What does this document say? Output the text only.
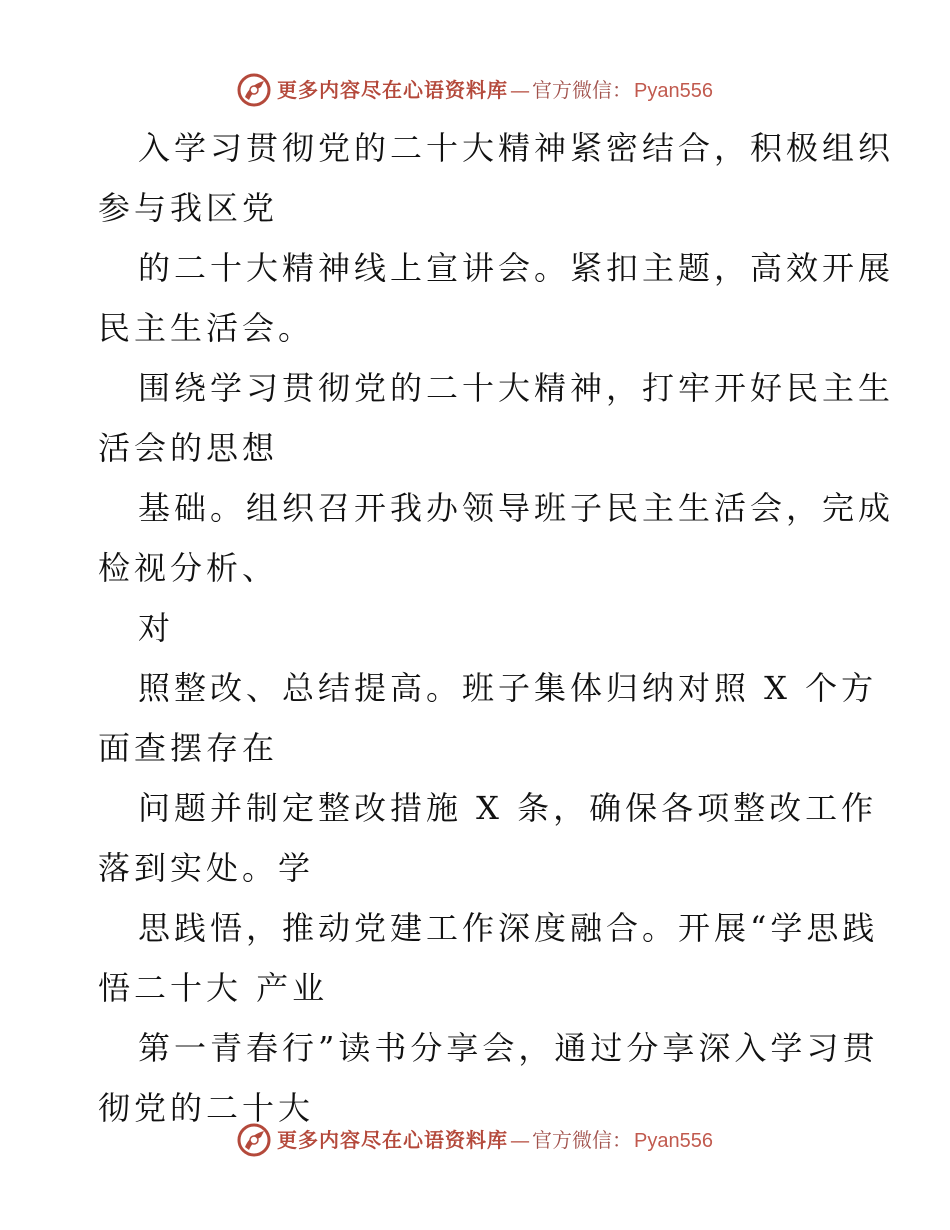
更多内容尽在心语资料库 — 官方微信： Pyan556
入学习贯彻党的二十大精神紧密结合，积极组织
参与我区党
的二十大精神线上宣讲会。紧扣主题，高效开展
民主生活会。
围绕学习贯彻党的二十大精神，打牢开好民主生
活会的思想
基础。组织召开我办领导班子民主生活会，完成
检视分析、
对
照整改、总结提高。班子集体归纳对照 X 个方
面查摆存在
问题并制定整改措施 X 条，确保各项整改工作
落到实处。学
思践悟，推动党建工作深度融合。开展“学思践
悟二十大 产业
第一青春行”读书分享会，通过分享深入学习贯
彻党的二十大
更多内容尽在心语资料库 — 官方微信： Pyan556
